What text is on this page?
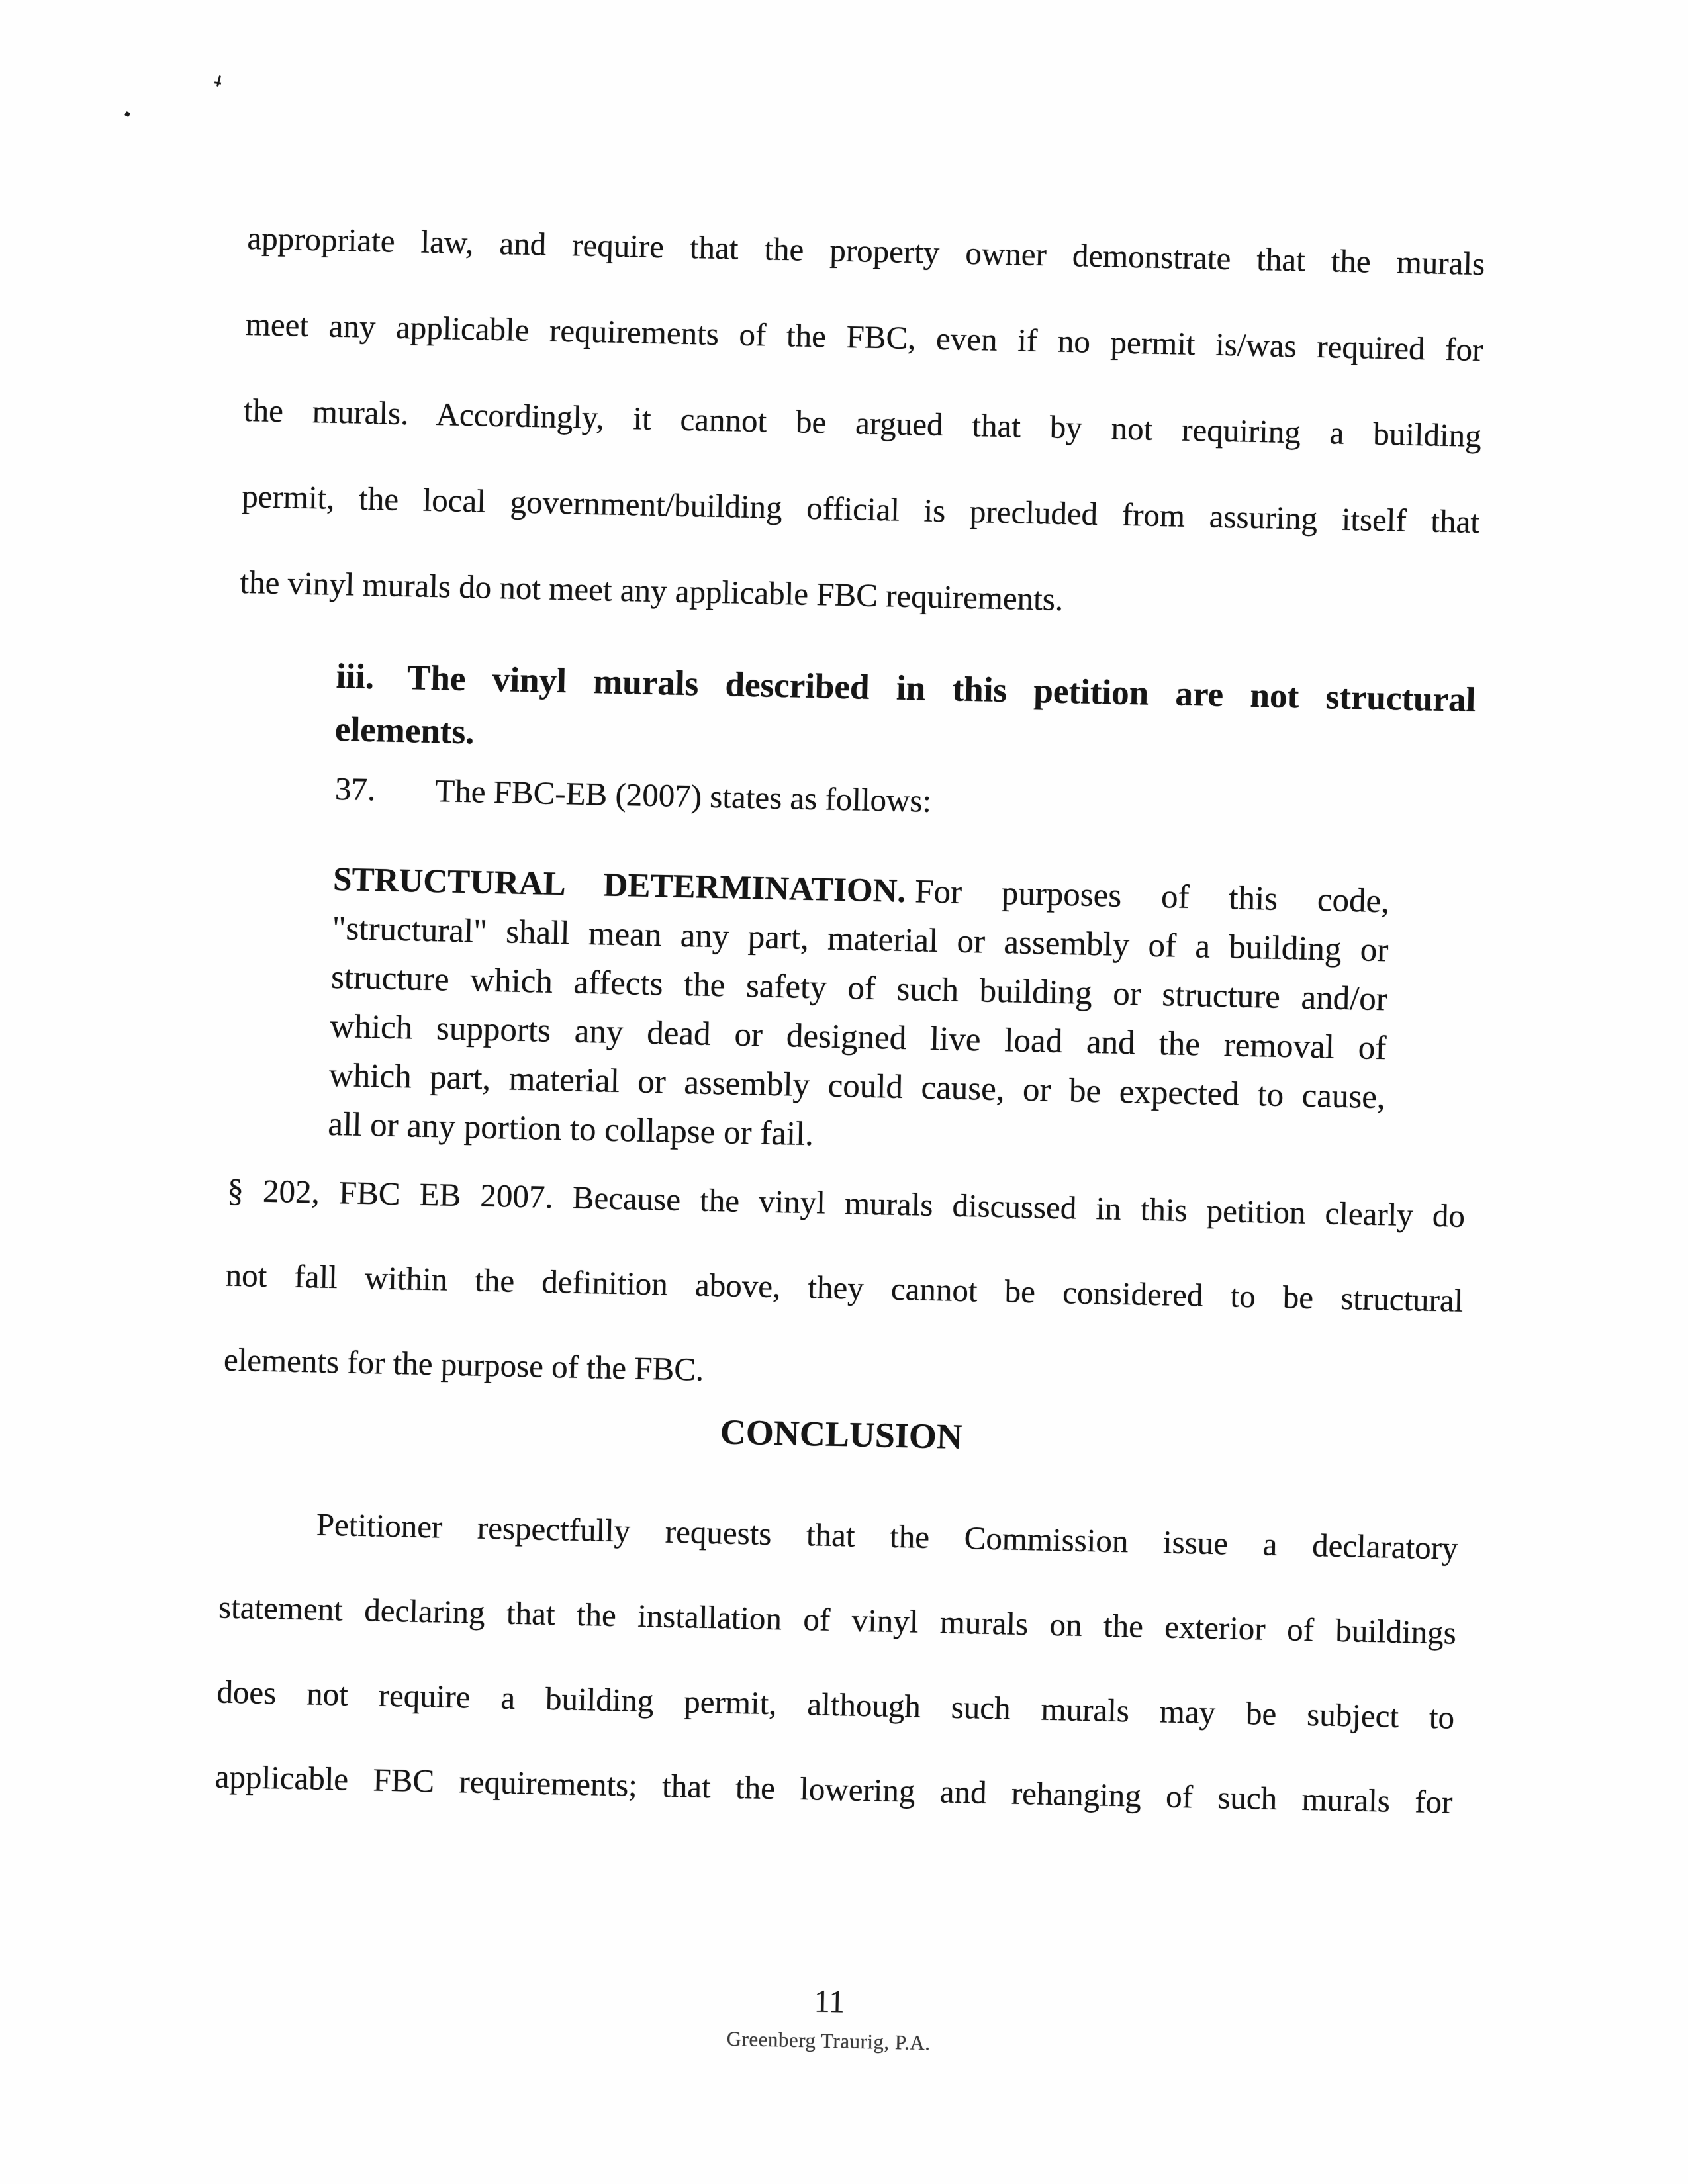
appropriate law, and require that the property owner demonstrate that the murals
meet any applicable requirements of the FBC, even if no permit is/was required for
the murals. Accordingly, it cannot be argued that by not requiring a building
permit, the local government/building official is precluded from assuring itself that
the vinyl murals do not meet any applicable FBC requirements.
iii. The vinyl murals described in this petition are not structural
elements.
37. The FBC-EB (2007) states as follows:
STRUCTURAL DETERMINATION. For purposes of this code,
"structural" shall mean any part, material or assembly of a building or
structure which affects the safety of such building or structure and/or
which supports any dead or designed live load and the removal of
which part, material or assembly could cause, or be expected to cause,
all or any portion to collapse or fail.
§ 202, FBC EB 2007. Because the vinyl murals discussed in this petition clearly do
not fall within the definition above, they cannot be considered to be structural
elements for the purpose of the FBC.
CONCLUSION
Petitioner respectfully requests that the Commission issue a declaratory
statement declaring that the installation of vinyl murals on the exterior of buildings
does not require a building permit, although such murals may be subject to
applicable FBC requirements; that the lowering and rehanging of such murals for
11
Greenberg Traurig, P.A.
